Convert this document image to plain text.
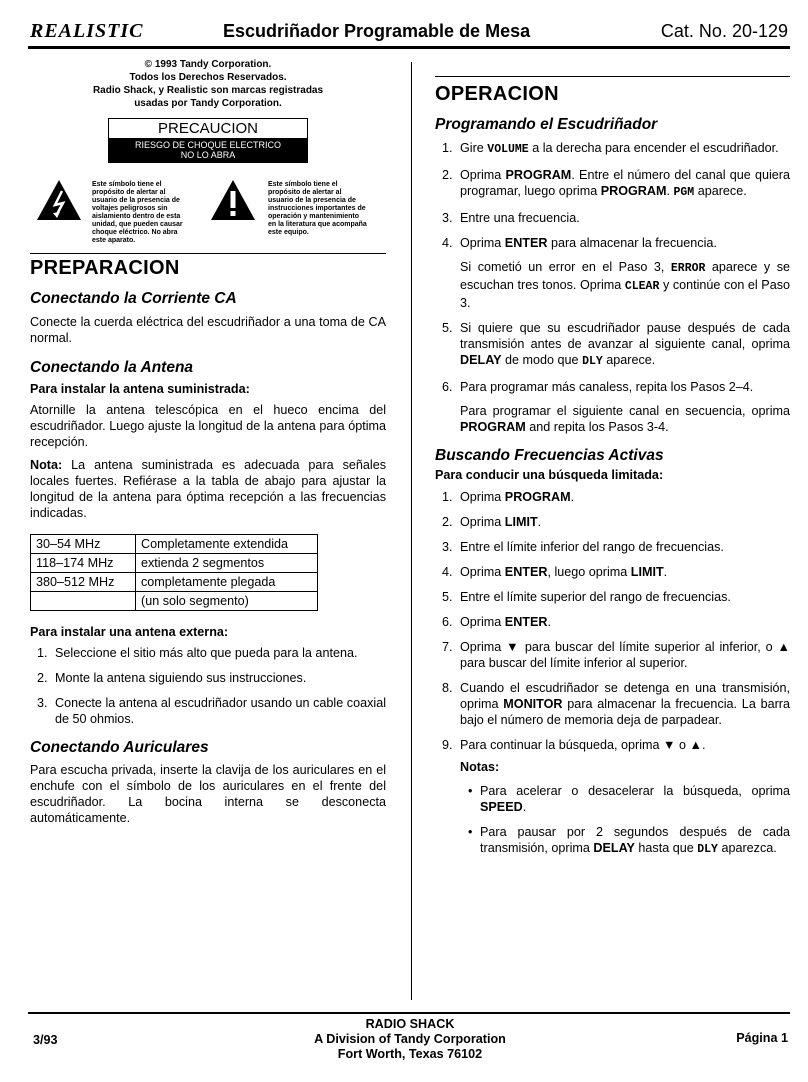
REALISTIC	Escudriñador Programable de Mesa	Cat. No. 20-129
© 1993 Tandy Corporation.
Todos los Derechos Reservados.
Radio Shack, y Realistic son marcas registradas
usadas por Tandy Corporation.
PRECAUCION
RIESGO DE CHOQUE ELECTRICO
NO LO ABRA
Este símbolo tiene el propósito de alertar al usuario de la presencia de voltajes peligrosos sin aislamiento dentro de esta unidad, que pueden causar choque eléctrico. No abra este aparato.
Este símbolo tiene el propósito de alertar al usuario de la presencia de instrucciones importantes de operación y mantenimiento en la literatura que acompaña este equipo.
PREPARACION
Conectando la Corriente CA

Conecte la cuerda eléctrica del escudriñador a una toma de CA normal.

Conectando la Antena
Para instalar la antena suministrada:

Atornille la antena telescópica en el hueco encima del escudriñador. Luego ajuste la longitud de la antena para óptima recepción.

Nota: La antena suministrada es adecuada para señales locales fuertes. Refiérase a la tabla de abajo para ajustar la longitud de la antena para óptima recepción a las frecuencias indicadas.

30–54 MHz	Completamente extendida
118–174 MHz	extienda 2 segmentos
380–512 MHz	completamente plegada
	(un solo segmento)
Para instalar una antena externa:
1. Seleccione el sitio más alto que pueda para la antena.
2. Monte la antena siguiendo sus instrucciones.
3. Conecte la antena al escudriñador usando un cable coaxial de 50 ohmios.
Conectando Auriculares

Para escucha privada, inserte la clavija de los auriculares en el enchufe con el símbolo de los auriculares en el frente del escudriñador. La bocina interna se desconecta automáticamente.

OPERACION
Programando el Escudriñador
1. Gire VOLUME a la derecha para encender el escudriñador.
2. Oprima PROGRAM. Entre el número del canal que quiera programar, luego oprima PROGRAM. PGM aparece.
3. Entre una frecuencia.
4. Oprima ENTER para almacenar la frecuencia.
Si cometió un error en el Paso 3, ERROR aparece y se escuchan tres tonos. Oprima CLEAR y continúe con el Paso 3.
5. Si quiere que su escudriñador pause después de cada transmisión antes de avanzar al siguiente canal, oprima DELAY de modo que DLY aparece.
6. Para programar más canaless, repita los Pasos 2–4.
Para programar el siguiente canal en secuencia, oprima PROGRAM and repita los Pasos 3-4.
Buscando Frecuencias Activas
Para conducir una búsqueda limitada:
1. Oprima PROGRAM.
2. Oprima LIMIT.
3. Entre el límite inferior del rango de frecuencias.
4. Oprima ENTER, luego oprima LIMIT.
5. Entre el límite superior del rango de frecuencias.
6. Oprima ENTER.
7. Oprima ▼ para buscar del límite superior al inferior, o ▲ para buscar del límite inferior al superior.
8. Cuando el escudriñador se detenga en una transmisión, oprima MONITOR para almacenar la frecuencia. La barra bajo el número de memoria deja de parpadear.
9. Para continuar la búsqueda, oprima ▼ o ▲.
Notas:
• Para acelerar o desacelerar la búsqueda, oprima SPEED.
• Para pausar por 2 segundos después de cada transmisión, oprima DELAY hasta que DLY aparezca.
3/93
RADIO SHACK
A Division of Tandy Corporation
Fort Worth, Texas 76102
Página 1
